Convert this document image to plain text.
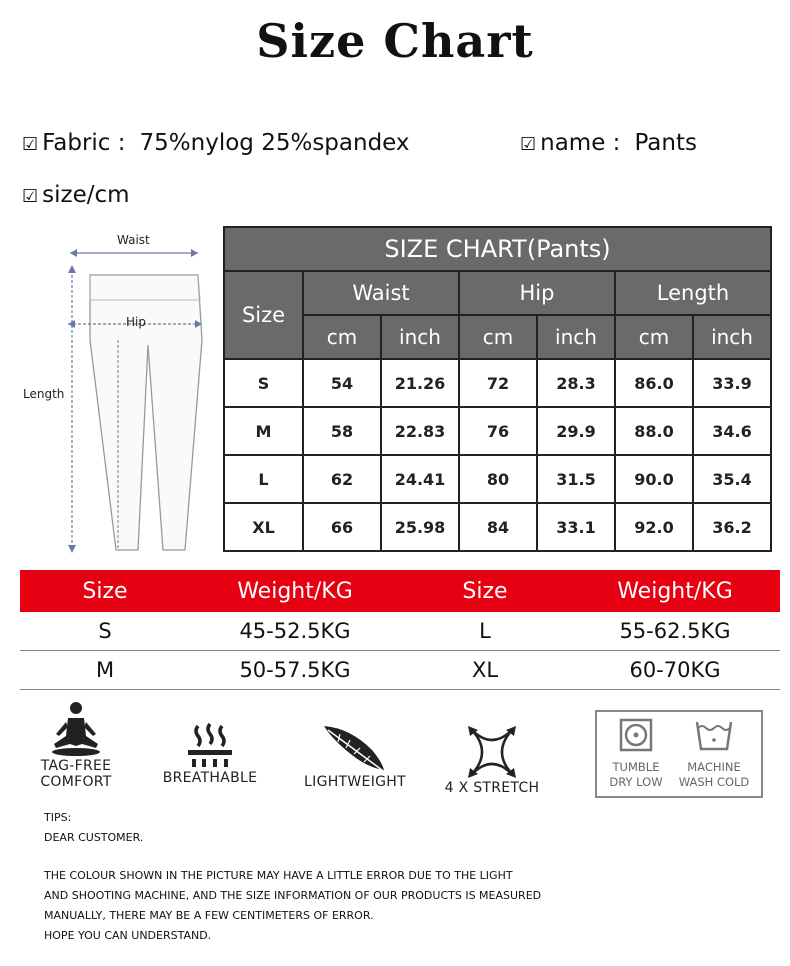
Size Chart
☑ Fabric : 75%nylog 25%spandex	☑ name : Pants
☑ size/cm
Waist
Hip
Length
SIZE CHART(Pants)						
Size	Waist		Hip		Length	
	cm	inch	cm	inch	cm	inch
S	54	21.26	72	28.3	86.0	33.9
M	58	22.83	76	29.9	88.0	34.6
L	62	24.41	80	31.5	90.0	35.4
XL	66	25.98	84	33.1	92.0	36.2
Size	Weight/KG	Size	Weight/KG
S	45-52.5KG	L	55-62.5KG
M	50-57.5KG	XL	60-70KG
TAG-FREE
COMFORT	BREATHABLE	LIGHTWEIGHT	4 X STRETCH
TUMBLE
DRY LOW
MACHINE
WASH COLD
TIPS:
DEAR CUSTOMER.
THE COLOUR SHOWN IN THE PICTURE MAY HAVE A LITTLE ERROR DUE TO THE LIGHT
AND SHOOTING MACHINE, AND THE SIZE INFORMATION OF OUR PRODUCTS IS MEASURED
MANUALLY, THERE MAY BE A FEW CENTIMETERS OF ERROR.
HOPE YOU CAN UNDERSTAND.
